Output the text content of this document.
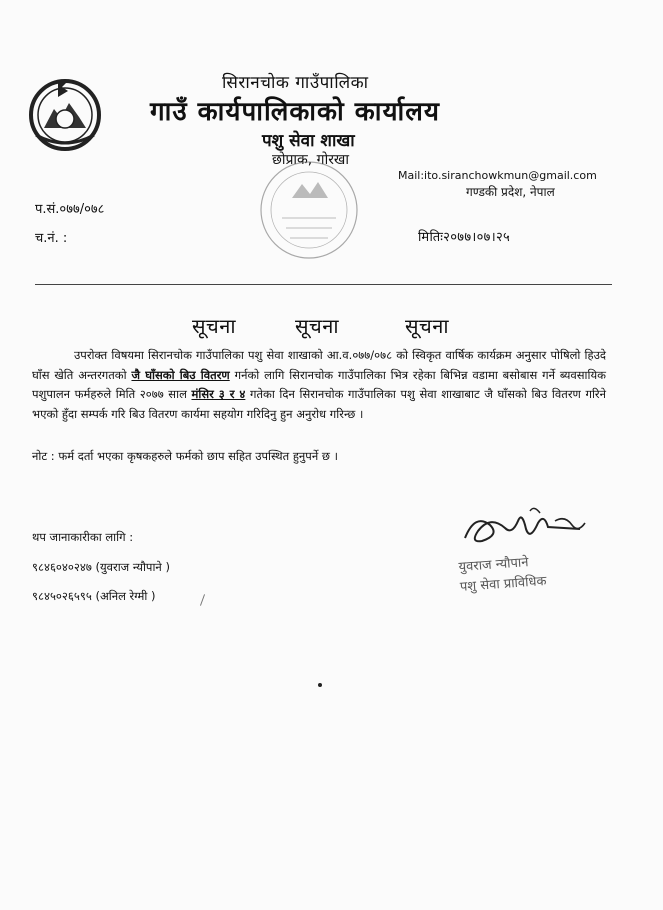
सिरानचोक गाउँपालिका
गाउँ कार्यपालिकाको कार्यालय
पशु सेवा शाखा
छोप्राक, गोरखा
Mail:ito.siranchowkmun@gmail.com
गण्डकी प्रदेश, नेपाल
प.सं.०७७/०७८
च.नं. :	मितिः२०७७।०७।२५
सूचना	सूचना	सूचना

उपरोक्त विषयमा सिरानचोक गाउँपालिका पशु सेवा शाखाको आ.व.०७७/०७८ को स्विकृत वार्षिक कार्यक्रम अनुसार पोषिलो हिउदे घाँस खेति अन्तरगतको जै घाँसको बिउ वितरण गर्नको लागि सिरानचोक गाउँपालिका भित्र रहेका बिभिन्न वडामा बसोबास गर्ने ब्यवसायिक पशुपालन फर्महरुले मिति २०७७ साल मंसिर ३ र ४ गतेका दिन सिरानचोक गाउँपालिका पशु सेवा शाखाबाट जै घाँसको बिउ वितरण गरिने भएको हुँदा सम्पर्क गरि बिउ वितरण कार्यमा सहयोग गरिदिनु हुन अनुरोध गरिन्छ ।

नोट : फर्म दर्ता भएका कृषकहरुले फर्मको छाप सहित उपस्थित हुनुपर्ने छ ।
थप जानाकारीका लागि :
९८४६०४०२४७ (युवराज न्यौपाने )
९८४५०२६५९५ (अनिल रेग्मी )
युवराज न्यौपाने
पशु सेवा प्राविधिक
